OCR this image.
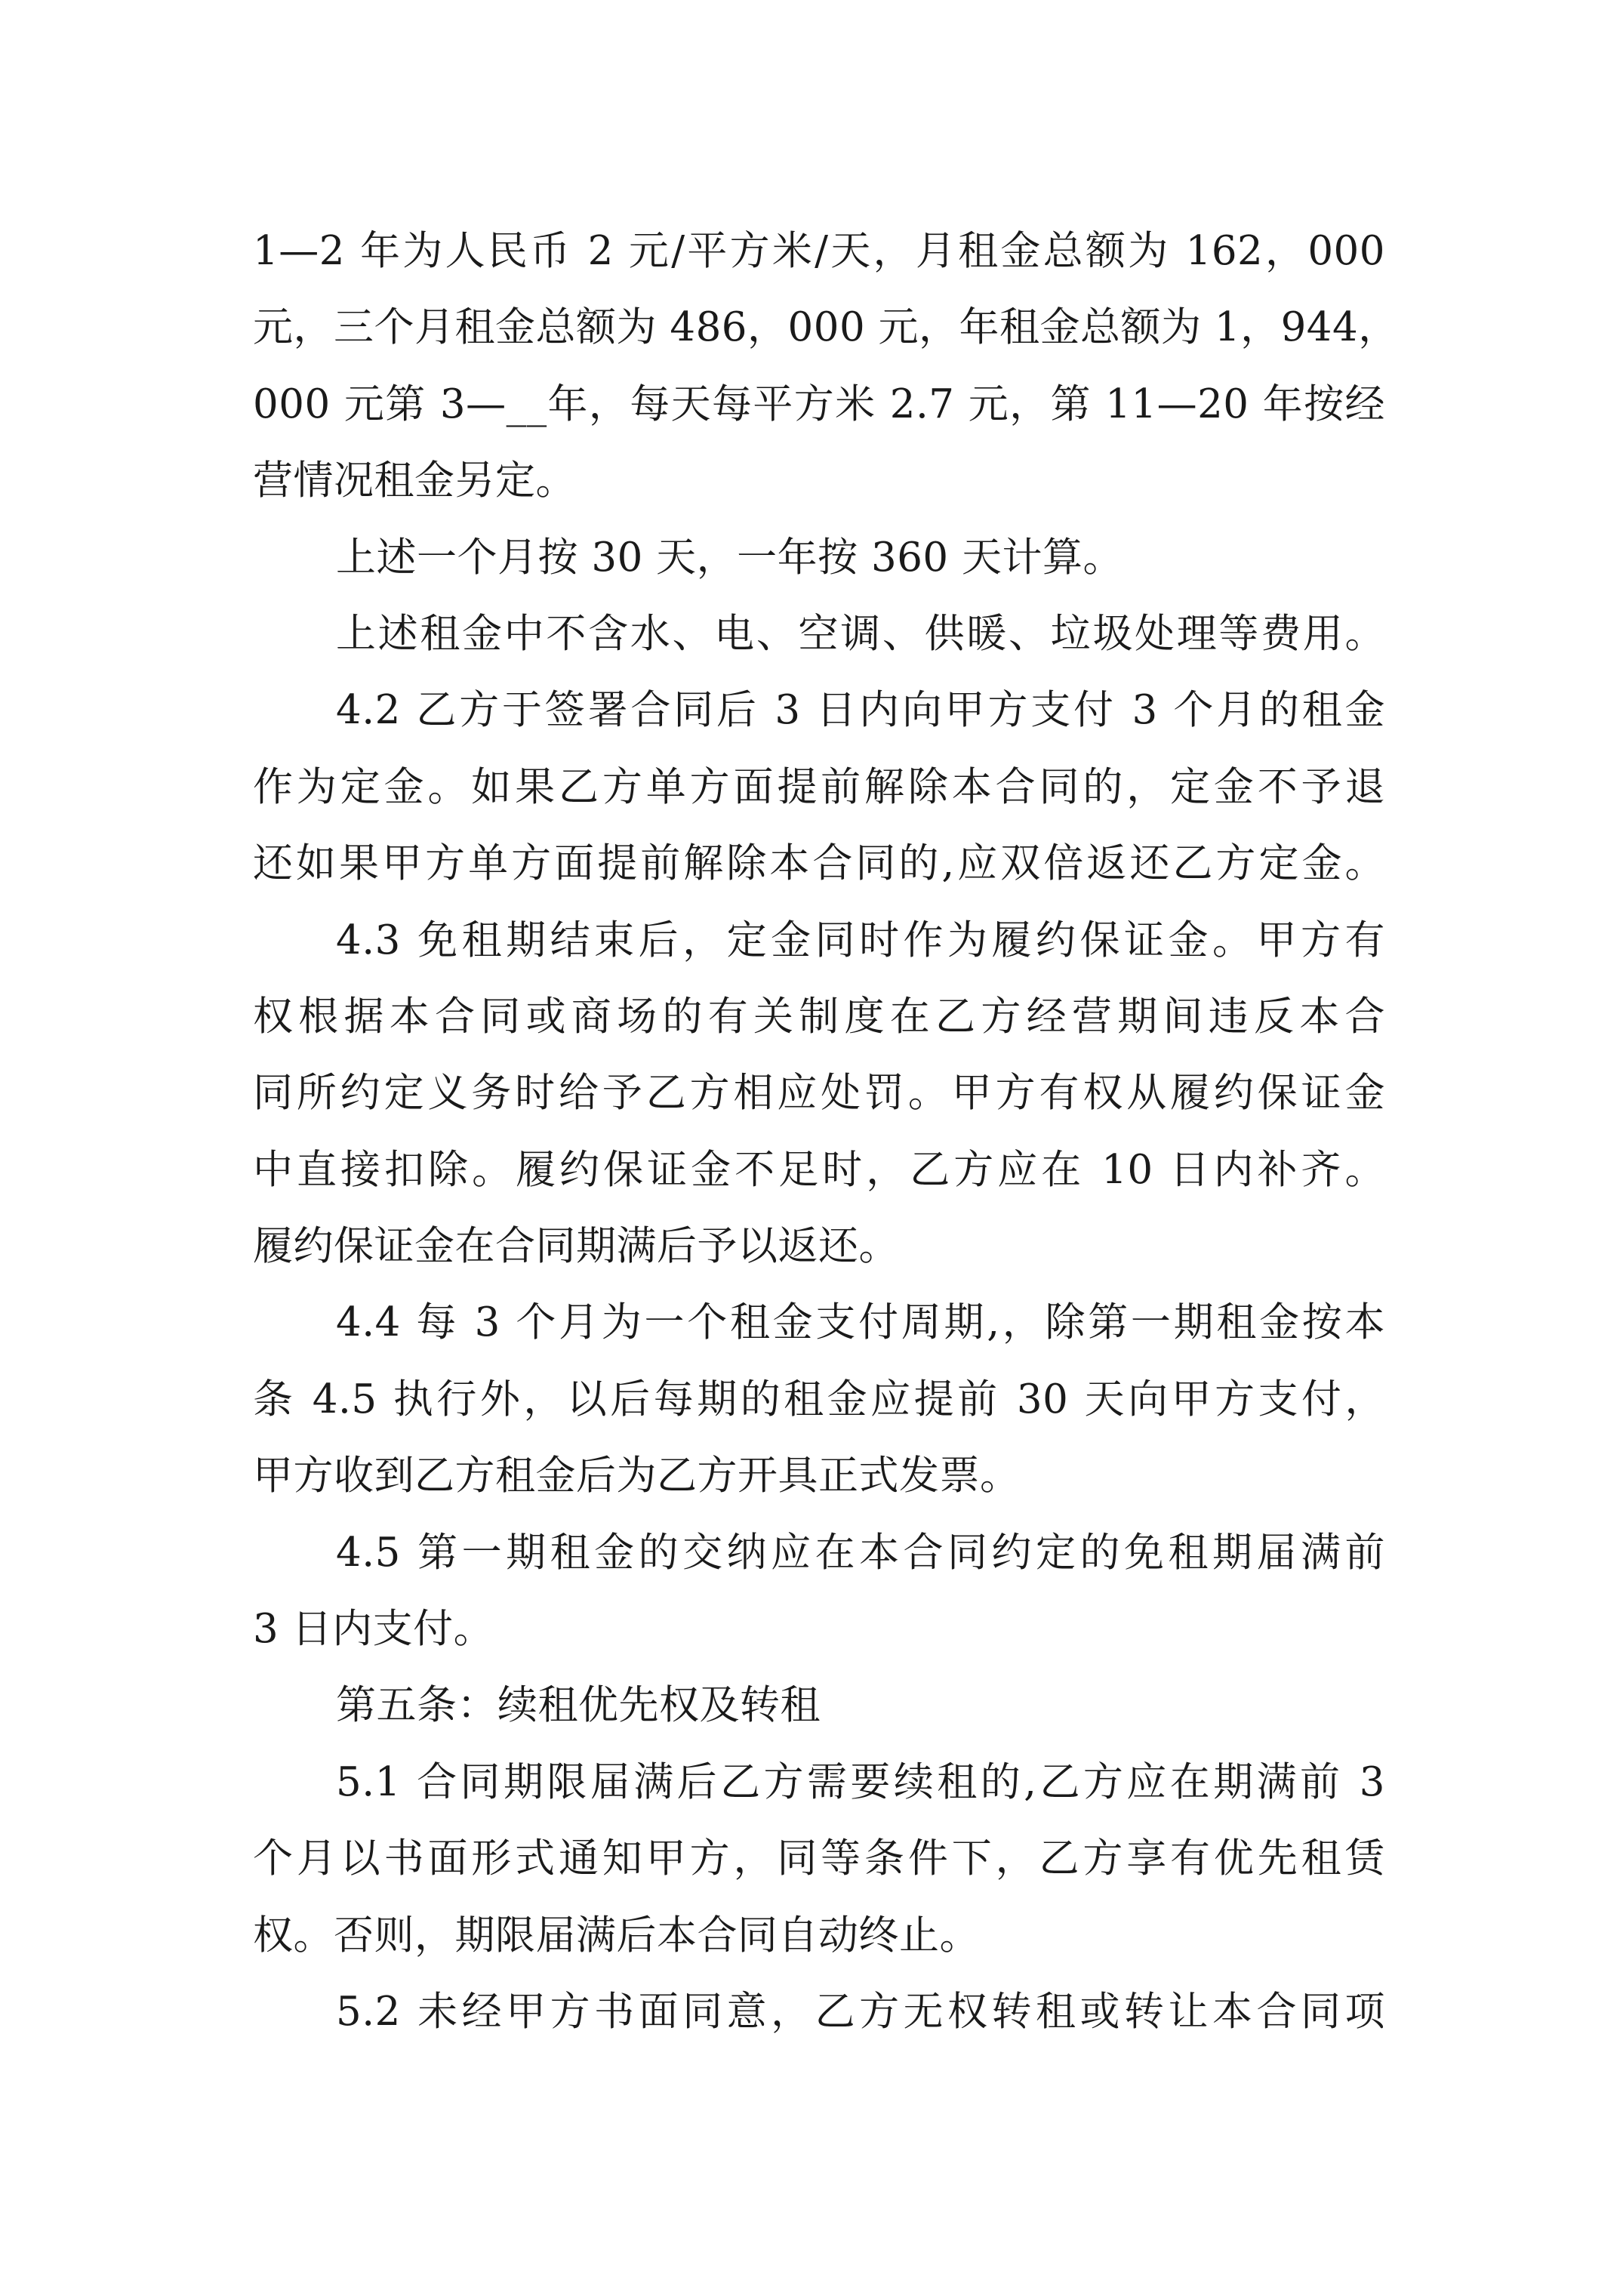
1—2 年为人民币 2 元/平方米/天，月租金总额为 162，000
元，三个月租金总额为 486，000 元，年租金总额为 1，944，
000 元第 3—__年，每天每平方米 2.7 元，第 11—20 年按经
营情况租金另定。
上述一个月按 30 天，一年按 360 天计算。
上述租金中不含水、电、空调、供暖、垃圾处理等费用。
4.2 乙方于签署合同后 3 日内向甲方支付 3 个月的租金
作为定金。如果乙方单方面提前解除本合同的，定金不予退
还如果甲方单方面提前解除本合同的,应双倍返还乙方定金。
4.3 免租期结束后，定金同时作为履约保证金。甲方有
权根据本合同或商场的有关制度在乙方经营期间违反本合
同所约定义务时给予乙方相应处罚。甲方有权从履约保证金
中直接扣除。履约保证金不足时，乙方应在 10 日内补齐。
履约保证金在合同期满后予以返还。
4.4 每 3 个月为一个租金支付周期,，除第一期租金按本
条 4.5 执行外，以后每期的租金应提前 30 天向甲方支付，
甲方收到乙方租金后为乙方开具正式发票。
4.5 第一期租金的交纳应在本合同约定的免租期届满前
3 日内支付。
第五条：续租优先权及转租
5.1 合同期限届满后乙方需要续租的,乙方应在期满前 3
个月以书面形式通知甲方，同等条件下，乙方享有优先租赁
权。否则，期限届满后本合同自动终止。
5.2 未经甲方书面同意，乙方无权转租或转让本合同项
